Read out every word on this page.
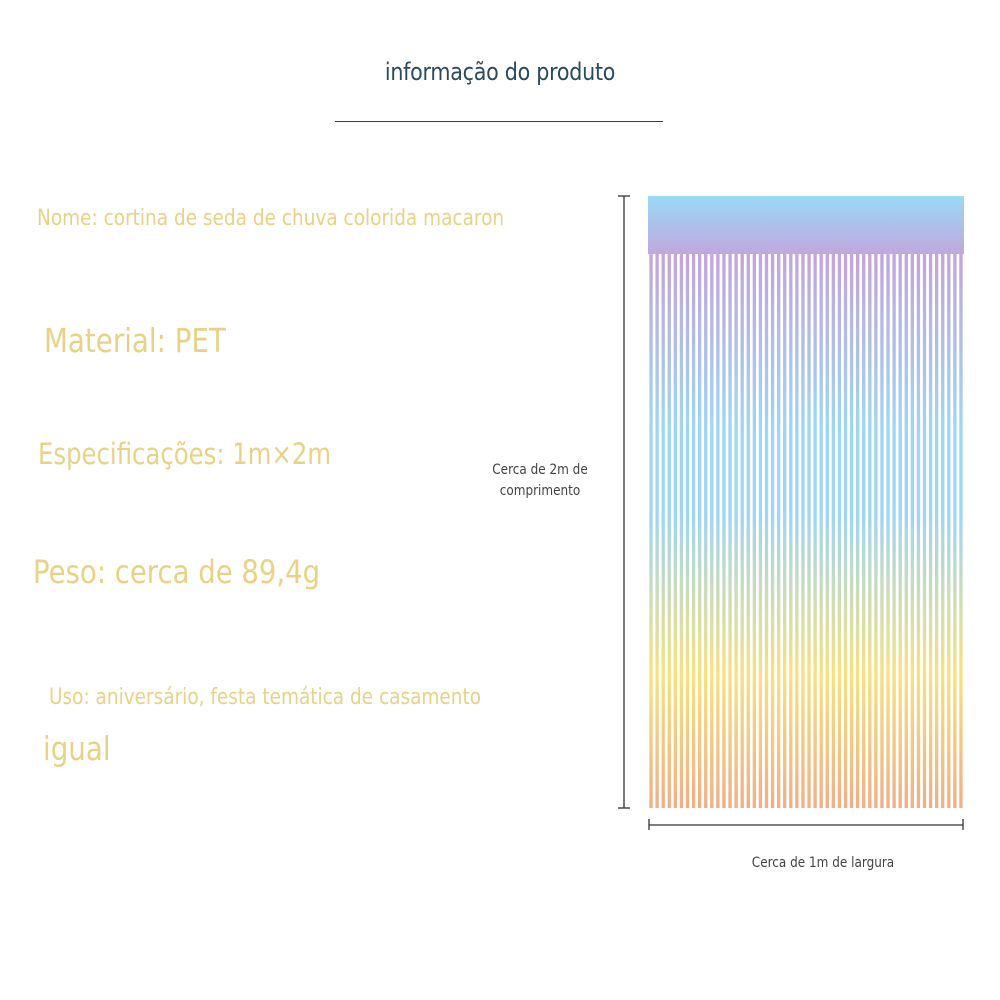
informação do produto
Nome: cortina de seda de chuva colorida macaron
Material: PET
Especificações: 1m×2m
Peso: cerca de 89,4g
Uso: aniversário, festa temática de casamento
igual
Cerca de 2m de comprimento
Cerca de 1m de largura
